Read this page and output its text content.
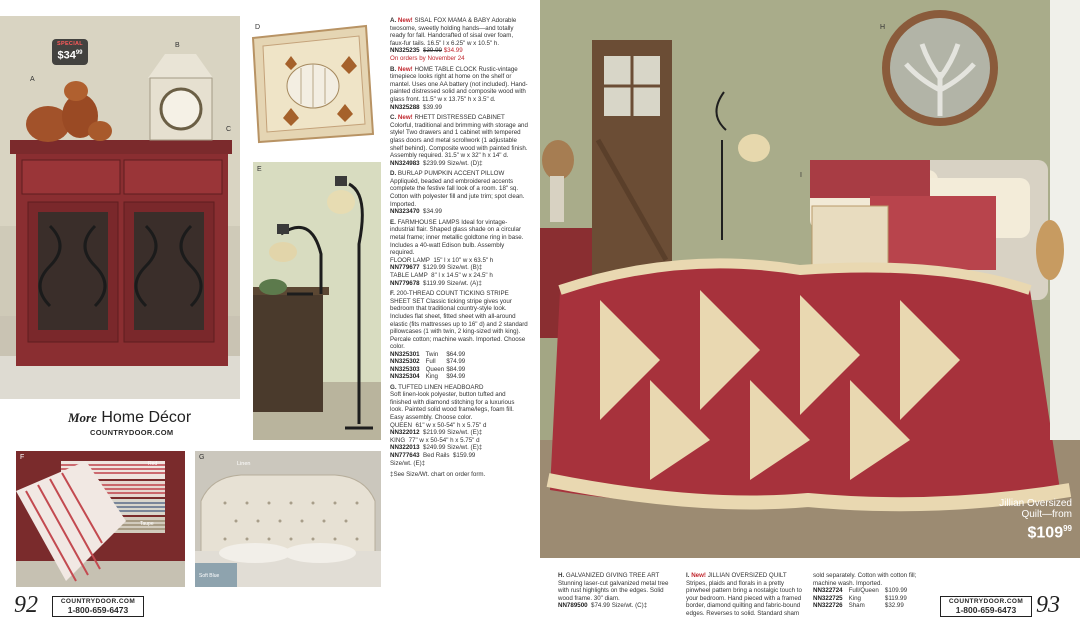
A
B
C
SPECIAL
$\$34^{99}$
D
E
More Home Décor
COUNTRYDOOR.COM
F
Red
Taupe
G
Linen
Soft Blue
92	COUNTRYDOOR.COM
1-800-659-6473
A. New! SISAL FOX MAMA & BABY Adorable twosome, sweetly holding hands—and totally ready for fall. Handcrafted of sisal over foam, faux-fur tails. 16.5" l x 6.25" w x 10.5" h.
NN325235 $39.99 $34.99
On orders by November 24
B. New! HOME TABLE CLOCK Rustic-vintage timepiece looks right at home on the shelf or mantel. Uses one AA battery (not included). Hand-painted distressed solid and composite wood with glass front. 11.5" w x 13.75" h x 3.5" d.
NN325288 $39.99
C. New! RHETT DISTRESSED CABINET Colorful, traditional and brimming with storage and style! Two drawers and 1 cabinet with tempered glass doors and metal scrollwork (1 adjustable shelf behind). Composite wood with painted finish. Assembly required. 31.5" w x 32" h x 14" d.
NN324983 $239.99 Size/wt. (D)‡
D. BURLAP PUMPKIN ACCENT PILLOW Appliquéd, beaded and embroidered accents complete the festive fall look of a room. 18" sq. Cotton with polyester fill and jute trim; spot clean. Imported.
NN323470 $34.99
E. FARMHOUSE LAMPS Ideal for vintage-industrial flair. Shaped glass shade on a circular metal frame; inner metallic goldtone ring in base. Includes a 40-watt Edison bulb. Assembly required.
FLOOR LAMP 15" l x 10" w x 63.5" h
NN779677 $129.99 Size/wt. (B)‡
TABLE LAMP 8" l x 14.5" w x 24.5" h
NN779678 $119.99 Size/wt. (A)‡
F. 200-THREAD COUNT TICKING STRIPE SHEET SET Classic ticking stripe gives your bedroom that traditional country-style look. Includes flat sheet, fitted sheet with all-around elastic (fits mattresses up to 16" d) and 2 standard pillowcases (1 with twin, 2 king-sized with king). Percale cotton; machine wash. Imported. Choose color.
NN325301	Twin	$64.99
NN325302	Full	$74.99
NN325303	Queen	$84.99
NN325304	King	$94.99
G. TUFTED LINEN HEADBOARD
Soft linen-look polyester, button tufted and finished with diamond stitching for a luxurious look. Painted solid wood frame/legs, foam fill. Easy assembly. Choose color.
QUEEN 61" w x 50-54" h x 5.75" d
NN322012 $219.99 Size/wt. (E)‡
KING 77" w x 50-54" h x 5.75" d
NN322013 $249.99 Size/wt. (E)‡
NN777643 Bed Rails $159.99
Size/wt. (E)‡
‡See Size/Wt. chart on order form.
H
I
Jillian Oversized
Quilt—from
$\$109^{99}$
H. GALVANIZED GIVING TREE ART Stunning laser-cut galvanized metal tree with rust highlights on the edges. Solid wood frame. 30" diam.
NN789500 $74.99 Size/wt. (C)‡
I. New! JILLIAN OVERSIZED QUILT Stripes, plaids and florals in a pretty pinwheel pattern bring a nostalgic touch to your bedroom. Hand pieced with a framed border, diamond quilting and fabric-bound edges. Reverses to solid. Standard sham
sold separately. Cotton with cotton fill; machine wash. Imported.
NN322724	Full/Queen	$109.99
NN322725	King	$119.99
NN322726	Sham	$32.99
COUNTRYDOOR.COM
1-800-659-6473 93
